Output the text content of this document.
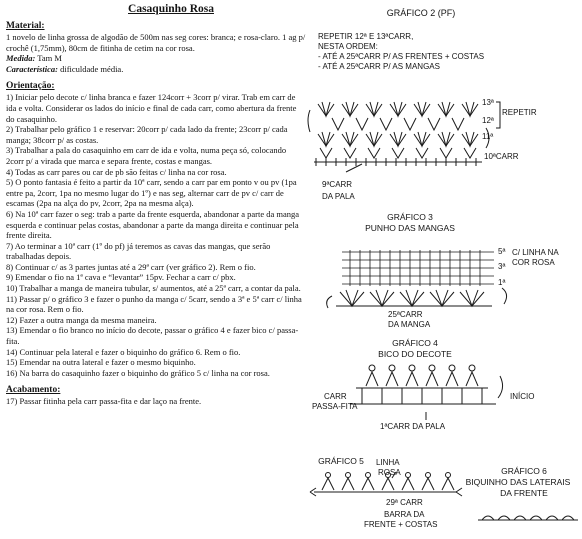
Casaquinho Rosa
Material:

1 novelo de linha grossa de algodão de 500m nas seg cores: branca; e rosa-claro. 1 ag p/ crochê (1,75mm), 80cm de fitinha de cetim na cor rosa.

Medida: Tam M

Característica: dificuldade média.

Orientação:

1) Iniciar pelo decote c/ linha branca e fazer 124corr + 3corr p/ virar. Trab em carr de ida e volta. Considerar os lados do início e final de cada carr, como abertura da frente do casaquinho.

2) Trabalhar pelo gráfico 1 e reservar: 20corr p/ cada lado da frente; 23corr p/ cada manga; 38corr p/ as costas.

3) Trabalhar a pala do casaquinho em carr de ida e volta, numa peça só, colocando 2corr p/ a virada que marca e separa frente, costas e mangas.

4) Todas as carr pares ou car de pb são feitas c/ linha na cor rosa.

5) O ponto fantasia é feito a partir da 10ª carr, sendo a carr par em ponto v ou pv (1pa entre pa, 2corr, 1pa no mesmo lugar do 1º) e nas seg, alternar carr de pv c/ carr de escamas (2pa na alça do pv, 2corr, 2pa na mesma alça).

6) Na 10ª carr fazer o seg: trab a parte da frente esquerda, abandonar a parte da manga esquerda e continuar pelas costas, abandonar a parte da manga direita e continuar pela frente direita.

7) Ao terminar a 10ª carr (1º do pf) já teremos as cavas das mangas, que serão trabalhadas depois.

8) Continuar c/ as 3 partes juntas até a 29ª carr (ver gráfico 2). Rem o fio.

9) Emendar o fio na 1ª cava e “levantar” 15pv. Fechar a carr c/ pbx.

10) Trabalhar a manga de maneira tubular, s/ aumentos, até a 25ª carr, a contar da pala.

11) Passar p/ o gráfico 3 e fazer o punho da manga c/ 5carr, sendo a 3ª e 5ª carr c/ linha na cor rosa. Rem o fio.

12) Fazer a outra manga da mesma maneira.

13) Emendar o fio branco no início do decote, passar o gráfico 4 e fazer bico c/ passa-fita.

14) Continuar pela lateral e fazer o biquinho do gráfico 6. Rem o fio.

15) Emendar na outra lateral e fazer o mesmo biquinho.

16) Na barra do casaquinho fazer o biquinho do gráfico 5 c/ linha na cor rosa.

Acabamento:

17) Passar fitinha pela carr passa-fita e dar laço na frente.

GRÁFICO 2 (PF)
REPETIR 12ª E 13ªCARR,
NESTA ORDEM:
- ATÉ A 25ªCARR P/ AS FRENTES + COSTAS
- ATÉ A 25ªCARR P/ AS MANGAS
13ª
12ª
REPETIR
11ª
10ªCARR
9ªCARR
DA PALA
GRÁFICO 3
PUNHO DAS MANGAS
5ª
3ª
1ª
C/ LINHA NA
COR ROSA
25ªCARR
DA MANGA
GRÁFICO 4
BICO DO DECOTE
CARR
PASSA-FITA
INÍCIO
1ªCARR DA PALA
GRÁFICO 5	LINHA
ROSA
29ª CARR
BARRA DA
FRENTE + COSTAS
GRÁFICO 6
BIQUINHO DAS LATERAIS
DA FRENTE
